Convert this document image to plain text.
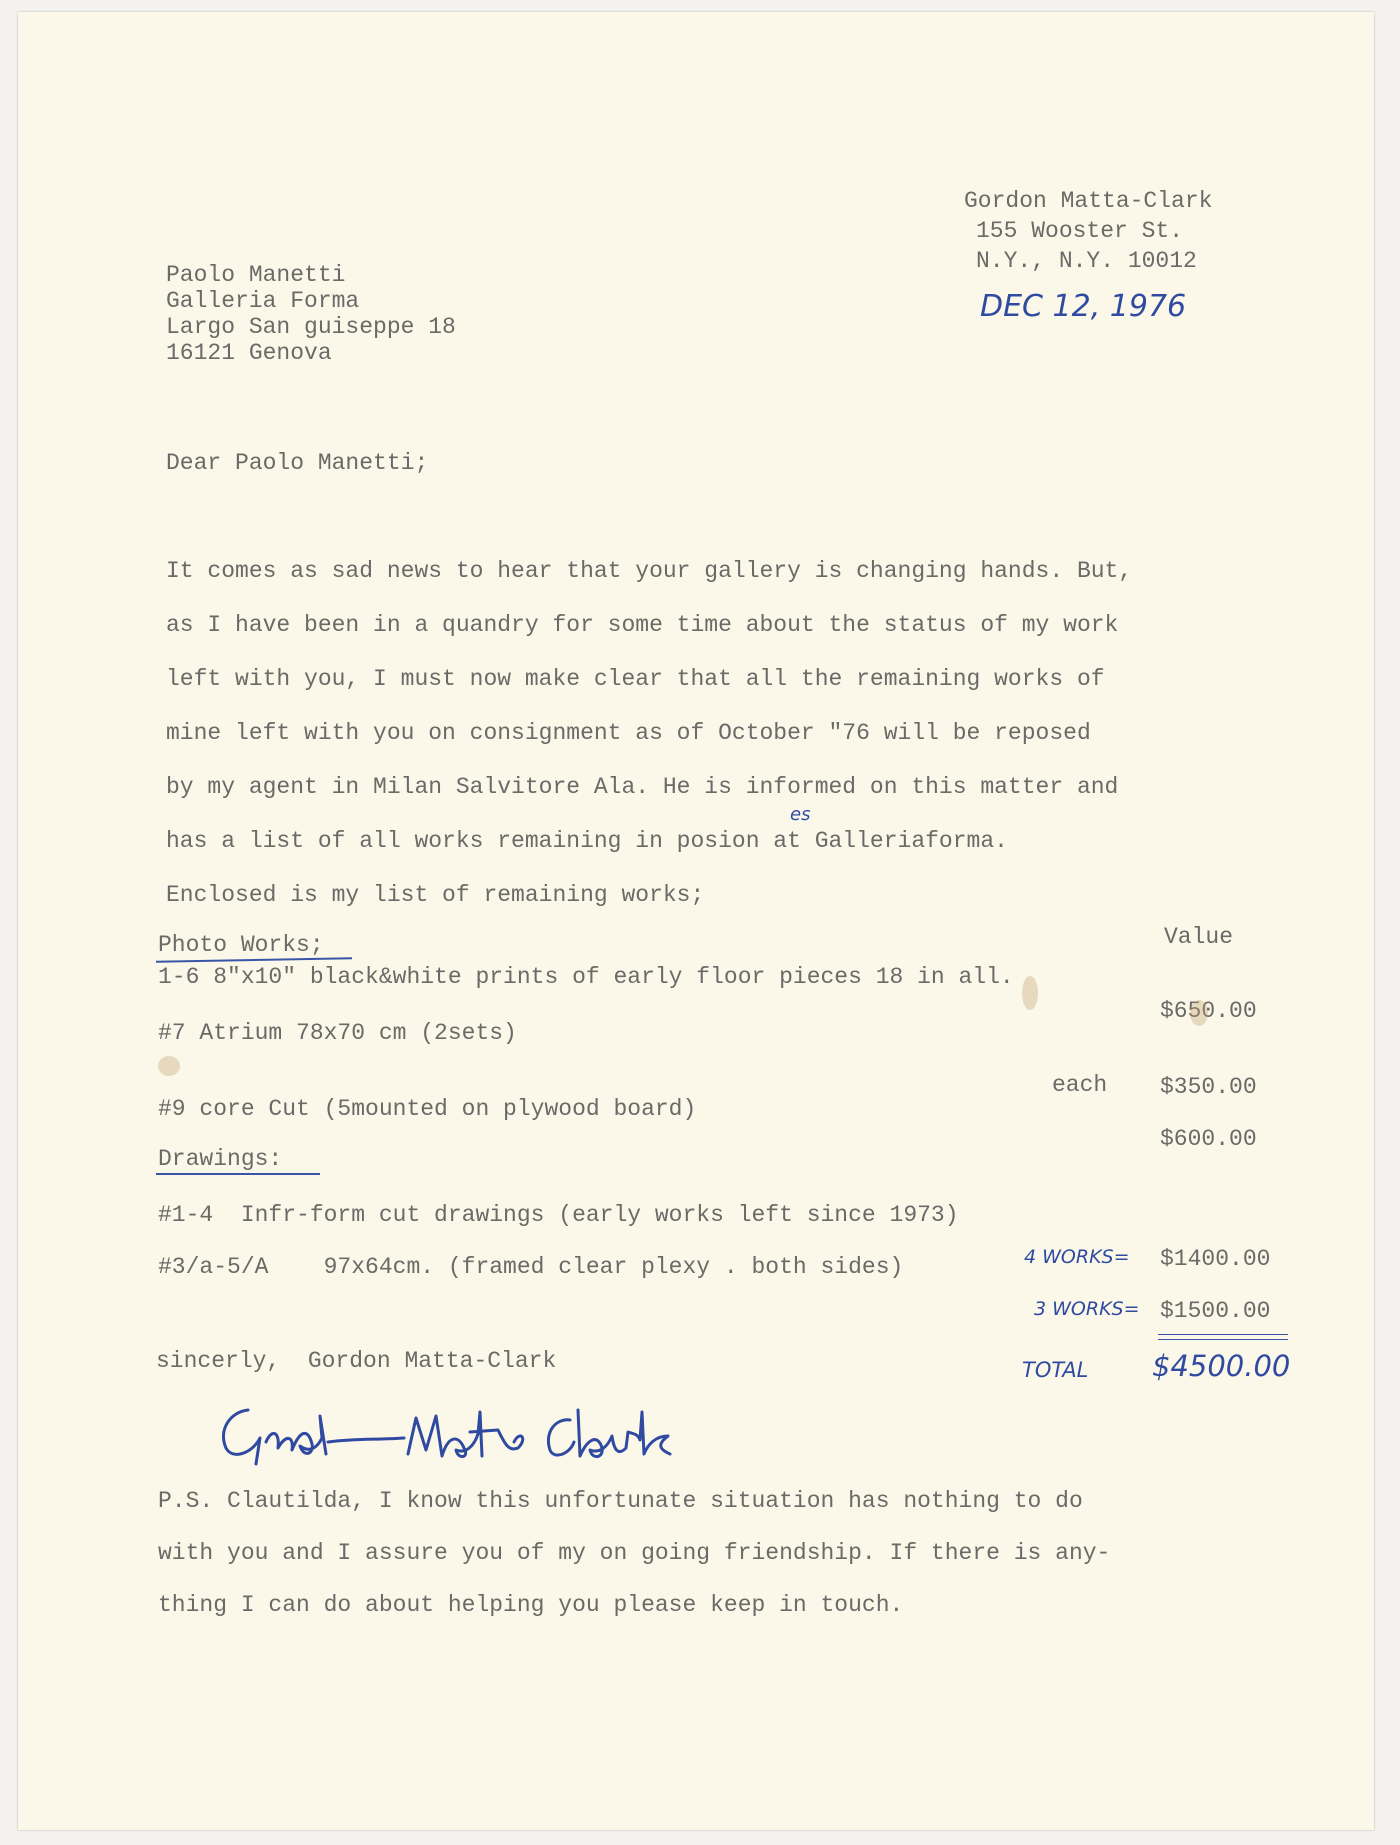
Gordon Matta-Clark
155 Wooster St.
N.Y., N.Y. 10012
DEC 12, 1976
Paolo Manetti
Galleria Forma
Largo San guiseppe 18
16121 Genova
Dear Paolo Manetti;
It comes as sad news to hear that your gallery is changing hands. But,
as I have been in a quandry for some time about the status of my work
left with you, I must now make clear that all the remaining works of
mine left with you on consignment as of October "76 will be reposed
by my agent in Milan Salvitore Ala. He is informed on this matter and
es
has a list of all works remaining in posion at Galleriaforma.
Enclosed is my list of remaining works;
Value
Photo Works;
1-6 8"x10" black&white prints of early floor pieces 18 in all.
$650.00
#7 Atrium 78x70 cm (2sets)
each $350.00
#9 core Cut (5mounted on plywood board)
$600.00
Drawings:
#1-4  Infr-form cut drawings (early works left since 1973)
#3/a-5/A    97x64cm. (framed clear plexy . both sides)	4 WORKS= $1400.00
3 WORKS= $1500.00
TOTAL $4500.00
sincerly,  Gordon Matta-Clark
P.S. Clautilda, I know this unfortunate situation has nothing to do
with you and I assure you of my on going friendship. If there is any-
thing I can do about helping you please keep in touch.
